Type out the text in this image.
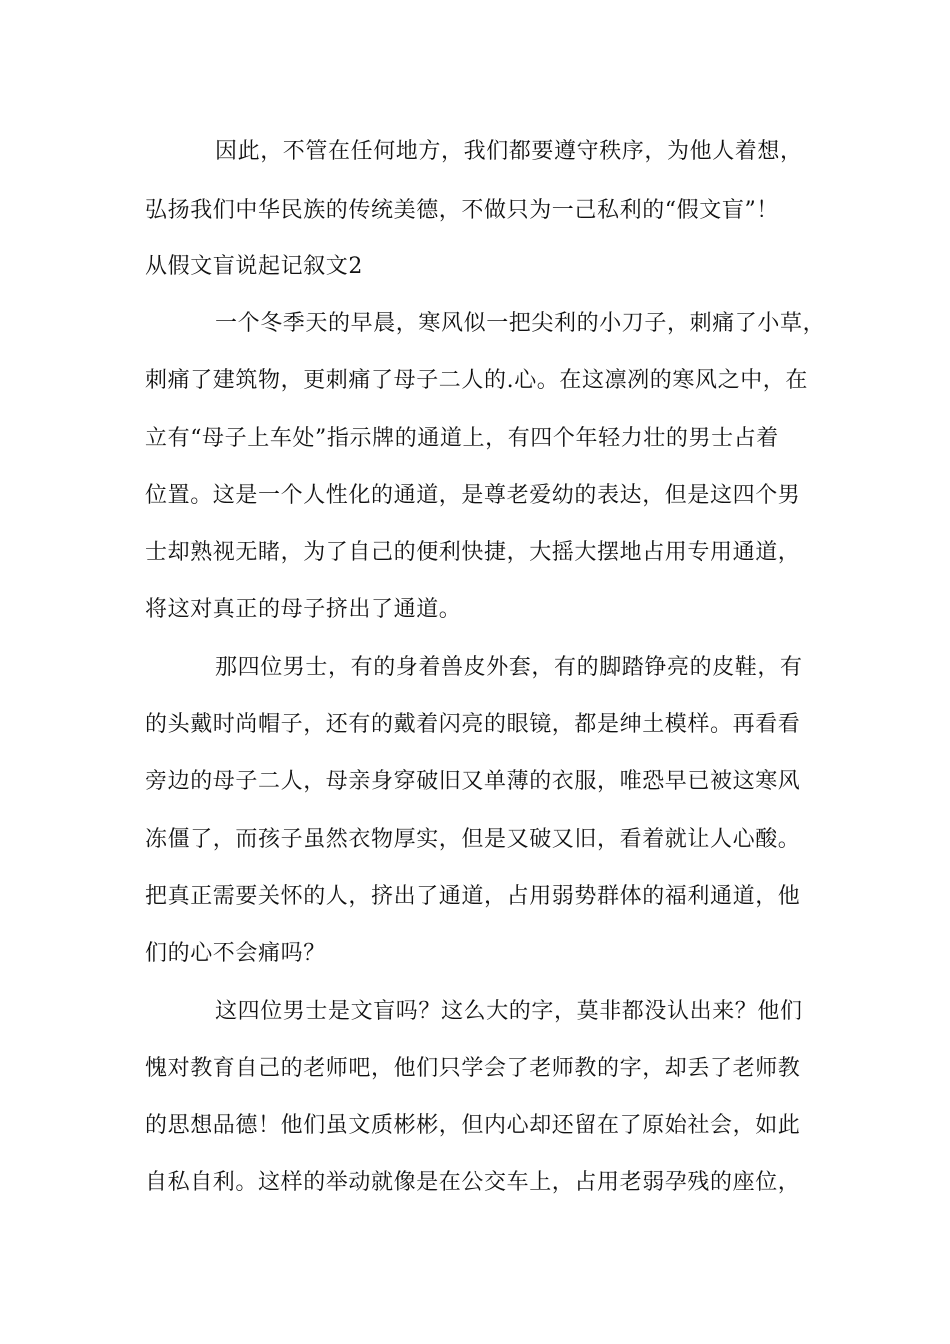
因此，不管在任何地方，我们都要遵守秩序，为他人着想，
弘扬我们中华民族的传统美德，不做只为一己私利的“假文盲”！
从假文盲说起记叙文2
一个冬季天的早晨，寒风似一把尖利的小刀子，刺痛了小草，
刺痛了建筑物，更刺痛了母子二人的.心。在这凛冽的寒风之中，在
立有“母子上车处”指示牌的通道上，有四个年轻力壮的男士占着
位置。这是一个人性化的通道，是尊老爱幼的表达，但是这四个男
士却熟视无睹，为了自己的便利快捷，大摇大摆地占用专用通道，
将这对真正的母子挤出了通道。
那四位男士，有的身着兽皮外套，有的脚踏铮亮的皮鞋，有
的头戴时尚帽子，还有的戴着闪亮的眼镜，都是绅土模样。再看看
旁边的母子二人，母亲身穿破旧又单薄的衣服，唯恐早已被这寒风
冻僵了，而孩子虽然衣物厚实，但是又破又旧，看着就让人心酸。
把真正需要关怀的人，挤出了通道，占用弱势群体的福利通道，他
们的心不会痛吗？
这四位男士是文盲吗？这么大的字，莫非都没认出来？他们
愧对教育自己的老师吧，他们只学会了老师教的字，却丢了老师教
的思想品德！他们虽文质彬彬，但内心却还留在了原始社会，如此
自私自利。这样的举动就像是在公交车上，占用老弱孕残的座位，
